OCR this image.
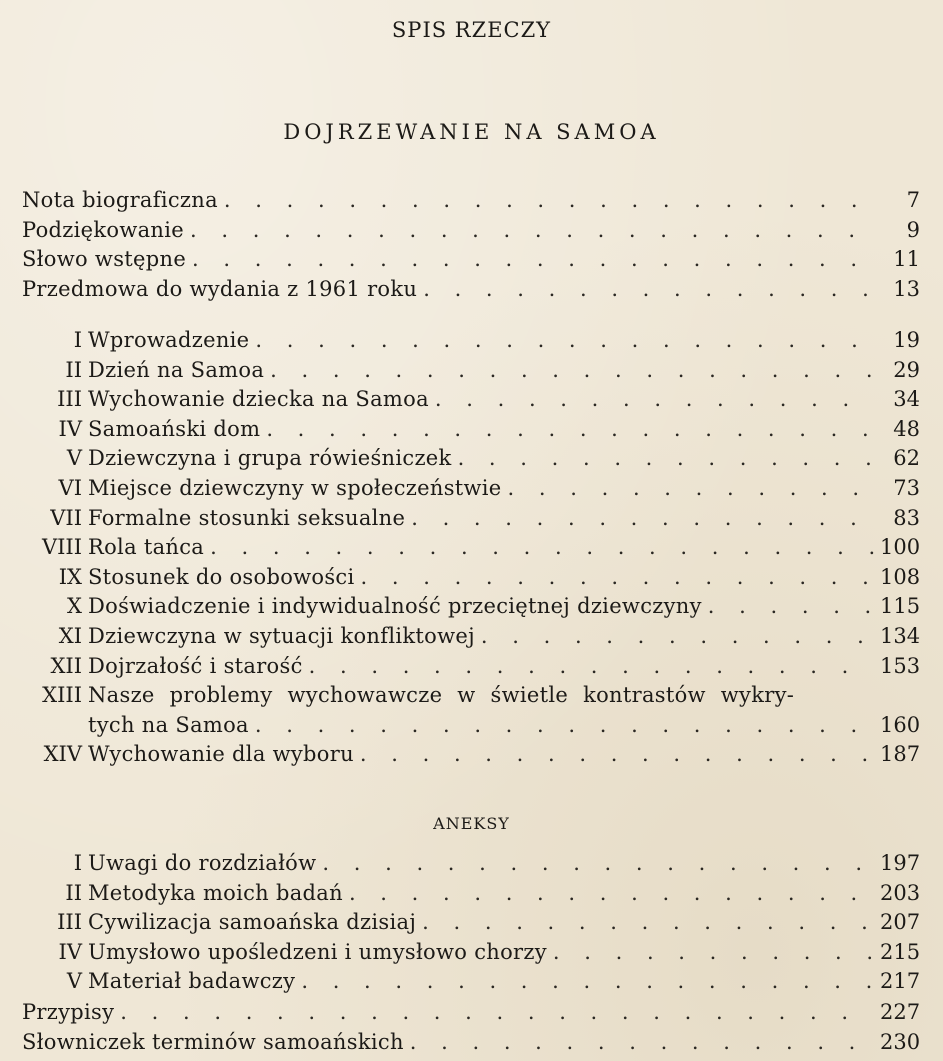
SPIS RZECZY
DOJRZEWANIE NA SAMOA
Nota biograficzna . . .	7
Podziękowanie . . .	9
Słowo wstępne . . .	11
Przedmowa do wydania z 1961 roku . . .	13
I Wprowadzenie . . .	19
II Dzień na Samoa . . .	29
III Wychowanie dziecka na Samoa . . .	34
IV Samoański dom . . .	48
V Dziewczyna i grupa rówieśniczek . . .	62
VI Miejsce dziewczyny w społeczeństwie . . .	73
VII Formalne stosunki seksualne . . .	83
VIII Rola tańca . . .	100
IX Stosunek do osobowości . . .	108
X Doświadczenie i indywidualność przeciętnej dziewczyny . . .	115
XI Dziewczyna w sytuacji konfliktowej . . .	134
XII Dojrzałość i starość . . .	153
XIII Nasze problemy wychowawcze w świetle kontrastów wykry-
tych na Samoa . . .	160
XIV Wychowanie dla wyboru . . .	187
ANEKSY
I Uwagi do rozdziałów . . .	197
II Metodyka moich badań . . .	203
III Cywilizacja samoańska dzisiaj . . .	207
IV Umysłowo upośledzeni i umysłowo chorzy . . .	215
V Materiał badawczy . . .	217
Przypisy . . .	227
Słowniczek terminów samoańskich . . .	230
